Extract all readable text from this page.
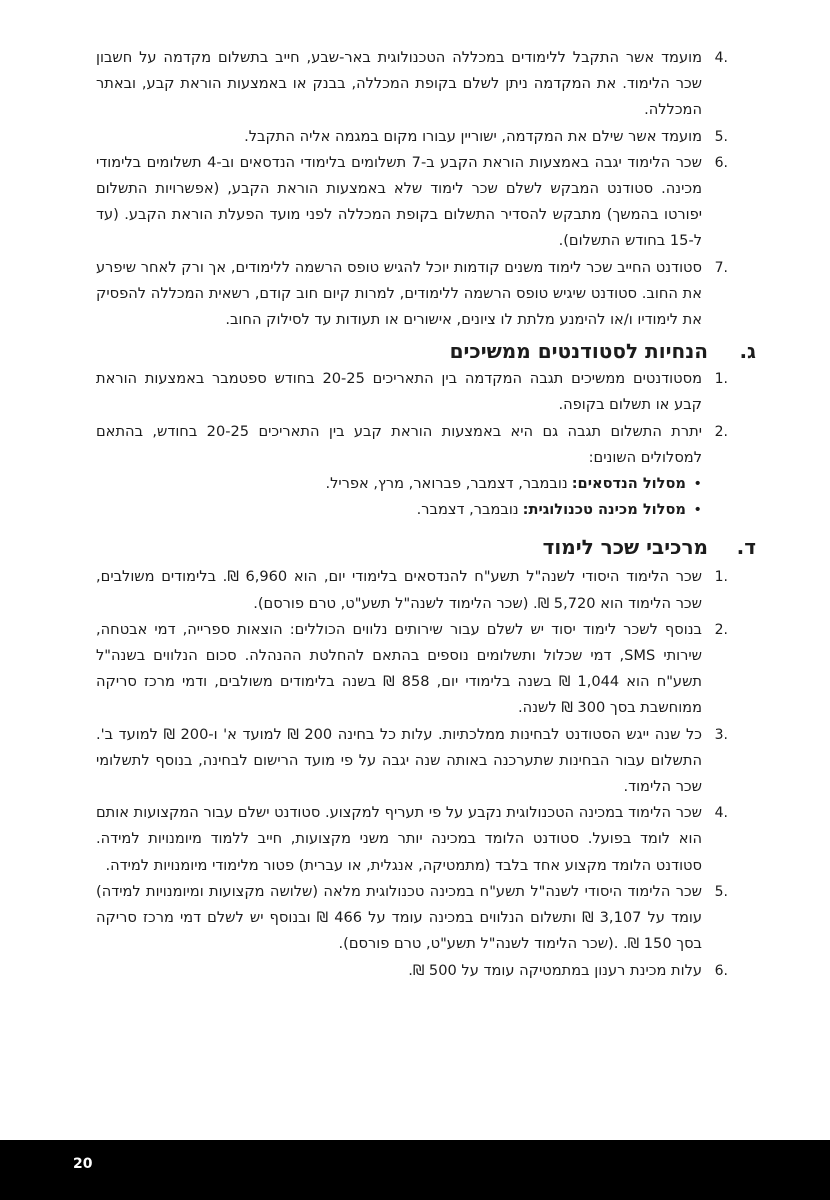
4.
מועמד אשר התקבל ללימודים במכללה הטכנולוגית באר-שבע, חייב בתשלום מקדמה על חשבון שכר הלימוד. את המקדמה ניתן לשלם בקופת המכללה, בבנק או באמצעות הוראת קבע, ובאתר המכללה.
5.
מועמד אשר שילם את המקדמה, ישוריין עבורו מקום במגמה אליה התקבל.
6.
שכר הלימוד יגבה באמצעות הוראת הקבע ב-7 תשלומים בלימודי הנדסאים וב-4 תשלומים בלימודי מכינה. סטודנט המבקש לשלם שכר לימוד שלא באמצעות הוראת הקבע, (אפשרויות התשלום יפורטו בהמשך) מתבקש להסדיר התשלום בקופת המכללה לפני מועד הפעלת הוראת הקבע. (עד ל-15 בחודש התשלום).
7.
סטודנט החייב שכר לימוד משנים קודמות יוכל להגיש טופס הרשמה ללימודים, אך ורק לאחר שיפרע את החוב. סטודנט שיגיש טופס הרשמה ללימודים, למרות קיום חוב קודם, רשאית המכללה להפסיק את לימודיו ו/או להימנע מלתת לו ציונים, אישורים או תעודות עד לסילוק החוב.
ג.
הנחיות לסטודנטים ממשיכים
1.
מסטודנטים ממשיכים תגבה המקדמה בין התאריכים 20-25 בחודש ספטמבר באמצעות הוראת קבע או תשלום בקופה.
2.
יתרת התשלום תגבה גם היא באמצעות הוראת קבע בין התאריכים 20-25 בחודש, בהתאם למסלולים השונים:
•
מסלול הנדסאים:
נובמבר, דצמבר, פברואר, מרץ, אפריל.
•
מסלול מכינה טכנולוגית:
נובמבר, דצמבר.
ד.
מרכיבי שכר לימוד
1.
שכר הלימוד היסודי לשנה"ל תשע"ח להנדסאים בלימודי יום, הוא 6,960 ₪. בלימודים משולבים, שכר הלימוד הוא 5,720 ₪. (שכר הלימוד לשנה"ל תשע"ט, טרם פורסם).
2.
בנוסף לשכר לימוד יסוד יש לשלם עבור שירותים נלווים הכוללים: הוצאות ספרייה, דמי אבטחה, שירותי SMS, דמי שכלול ותשלומים נוספים בהתאם להחלטת ההנהלה. סכום הנלווים בשנה"ל תשע"ח הוא 1,044 ₪ בשנה בלימודי יום, 858 ₪ בשנה בלימודים משולבים, ודמי מרכז סריקה ממוחשבת בסך 300 ₪ לשנה.
3.
כל שנה ייגש הסטודנט לבחינות ממלכתיות. עלות כל בחינה 200 ₪ למועד א' ו-200 ₪ למועד ב'. התשלום עבור הבחינות שתערכנה באותה שנה יגבה על פי מועד הרישום לבחינה, בנוסף לתשלומי שכר הלימוד.
4.
שכר הלימוד במכינה הטכנולוגית נקבע על פי תעריף למקצוע. סטודנט ישלם עבור המקצועות אותם הוא לומד בפועל. סטודנט הלומד במכינה יותר משני מקצועות, חייב ללמוד מיומנויות למידה. סטודנט הלומד מקצוע אחד בלבד (מתמטיקה, אנגלית, או עברית) פטור מלימודי מיומנויות למידה.
5.
שכר הלימוד היסודי לשנה"ל תשע"ח במכינה טכנולוגית מלאה (שלושה מקצועות ומיומנויות למידה) עומד על 3,107 ₪ ותשלום הנלווים במכינה עומד על 466 ₪ ובנוסף יש לשלם דמי מרכז סריקה בסך 150 ₪. .(שכר הלימוד לשנה"ל תשע"ט, טרם פורסם).
6.
עלות מכינת רענון במתמטיקה עומד על 500 ₪.
20
